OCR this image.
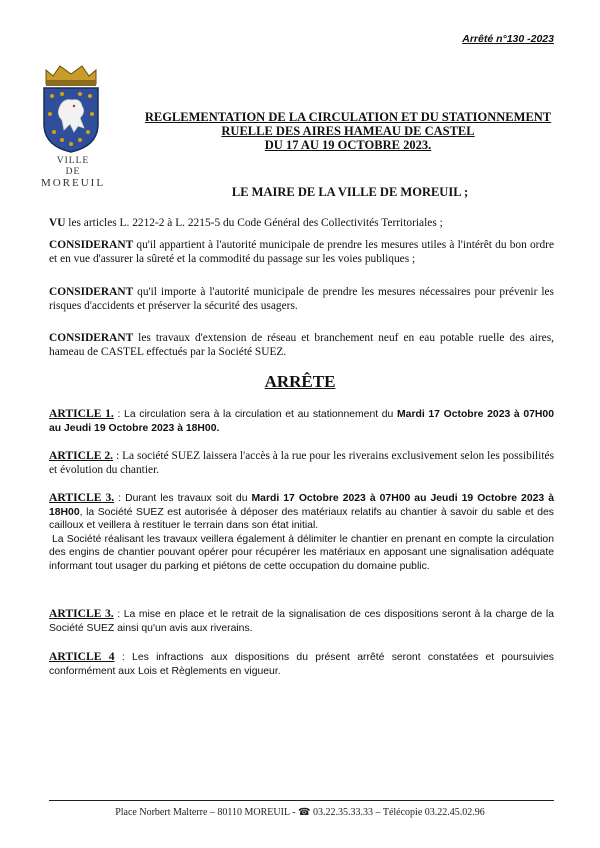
Arrêté n°130 -2023
VILLE
DE
MOREUIL
REGLEMENTATION DE LA CIRCULATION ET DU STATIONNEMENT
RUELLE DES AIRES HAMEAU DE CASTEL
DU 17 AU 19 OCTOBRE 2023.
LE MAIRE DE LA VILLE DE MOREUIL ;
VU les articles L. 2212-2 à L. 2215-5 du Code Général des Collectivités Territoriales ;
CONSIDERANT qu'il appartient à l'autorité municipale de prendre les mesures utiles à l'intérêt du bon ordre et en vue d'assurer la sûreté et la commodité du passage sur les voies publiques ;
CONSIDERANT qu'il importe à l'autorité municipale de prendre les mesures nécessaires pour prévenir les risques d'accidents et préserver la sécurité des usagers.
CONSIDERANT les travaux d'extension de réseau et branchement neuf en eau potable ruelle des aires, hameau de CASTEL effectués par la Société SUEZ.
ARRÊTE
ARTICLE 1. : La circulation sera à la circulation et au stationnement du Mardi 17 Octobre 2023 à 07H00 au Jeudi 19 Octobre 2023 à 18H00.
ARTICLE 2. : La société SUEZ laissera l'accès à la rue pour les riverains exclusivement selon les possibilités et évolution du chantier.
ARTICLE 3. : Durant les travaux soit du Mardi 17 Octobre 2023 à 07H00 au Jeudi 19 Octobre 2023 à 18H00, la Société SUEZ est autorisée à déposer des matériaux relatifs au chantier à savoir du sable et des cailloux et veillera à restituer le terrain dans son état initial.
La Société réalisant les travaux veillera également à délimiter le chantier en prenant en compte la circulation des engins de chantier pouvant opérer pour récupérer les matériaux en apposant une signalisation adéquate informant tout usager du parking et piétons de cette occupation du domaine public.
ARTICLE 3. : La mise en place et le retrait de la signalisation de ces dispositions seront à la charge de la Société SUEZ ainsi qu'un avis aux riverains.
ARTICLE 4 : Les infractions aux dispositions du présent arrêté seront constatées et poursuivies conformément aux Lois et Règlements en vigueur.
Place Norbert Malterre – 80110 MOREUIL - ☎ 03.22.35.33.33 – Télécopie 03.22.45.02.96
